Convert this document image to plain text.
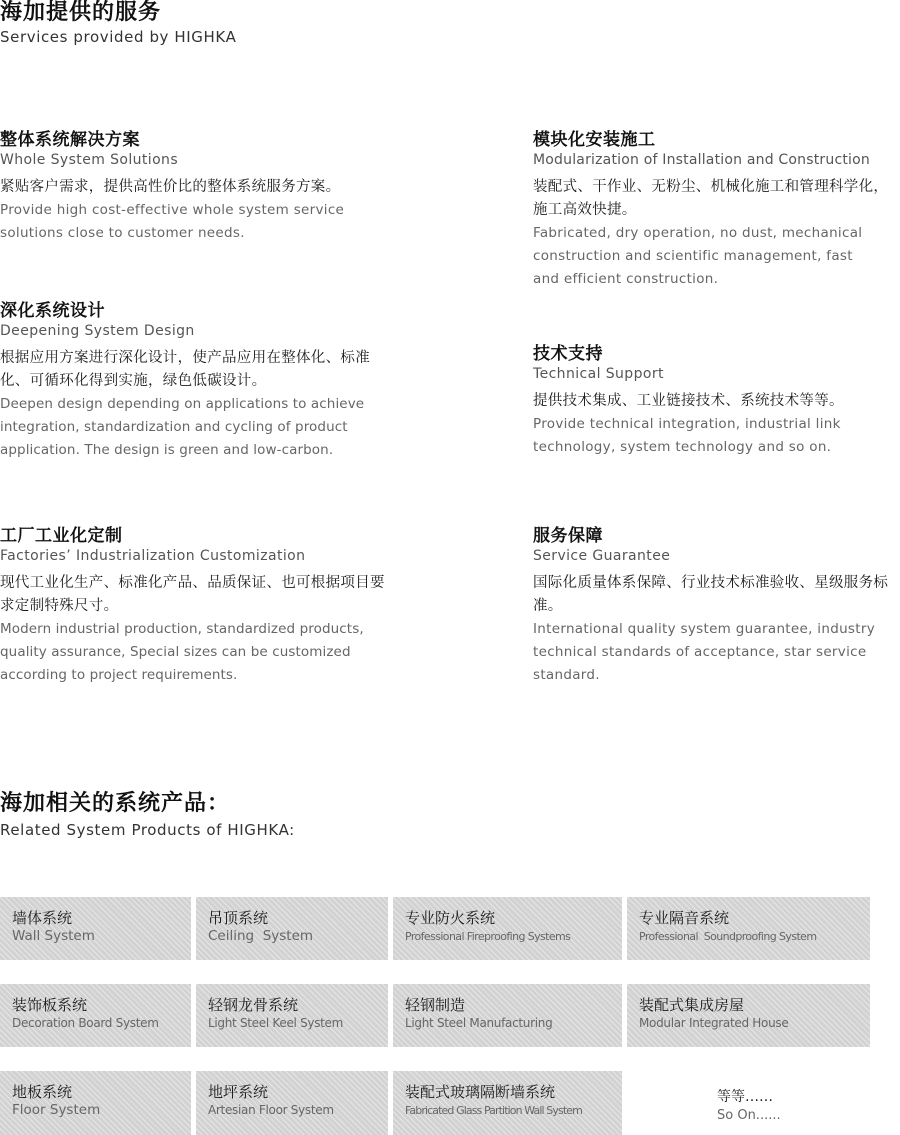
海加提供的服务
Services provided by HIGHKA
整体系统解决方案
Whole System Solutions
紧贴客户需求，提供高性价比的整体系统服务方案。
Provide high cost-effective whole system service solutions close to customer needs.
模块化安装施工
Modularization of Installation and Construction
装配式、干作业、无粉尘、机械化施工和管理科学化，施工高效快捷。
Fabricated, dry operation, no dust, mechanical construction and scientific management, fast and efficient construction.
深化系统设计
Deepening System Design
根据应用方案进行深化设计，使产品应用在整体化、标准化、可循环化得到实施，绿色低碳设计。
Deepen design depending on applications to achieve integration, standardization and cycling of product application. The design is green and low-carbon.
技术支持
Technical Support
提供技术集成、工业链接技术、系统技术等等。
Provide technical integration, industrial link technology, system technology and so on.
工厂工业化定制
Factories’ Industrialization Customization
现代工业化生产、标准化产品、品质保证、也可根据项目要求定制特殊尺寸。
Modern industrial production, standardized products, quality assurance, Special sizes can be customized according to project requirements.
服务保障
Service Guarantee
国际化质量体系保障、行业技术标准验收、星级服务标准。
International quality system guarantee, industry technical standards of acceptance, star service standard.
海加相关的系统产品：
Related System Products of HIGHKA:
墙体系统
Wall System
吊顶系统
Ceiling  System
专业防火系统
Professional Fireproofing Systems
专业隔音系统
Professional  Soundproofing System
装饰板系统
Decoration Board System
轻钢龙骨系统
Light Steel Keel System
轻钢制造
Light Steel Manufacturing
装配式集成房屋
Modular Integrated House
地板系统
Floor System
地坪系统
Artesian Floor System
装配式玻璃隔断墙系统
Fabricated Glass Partition Wall System
等等……
So On......
